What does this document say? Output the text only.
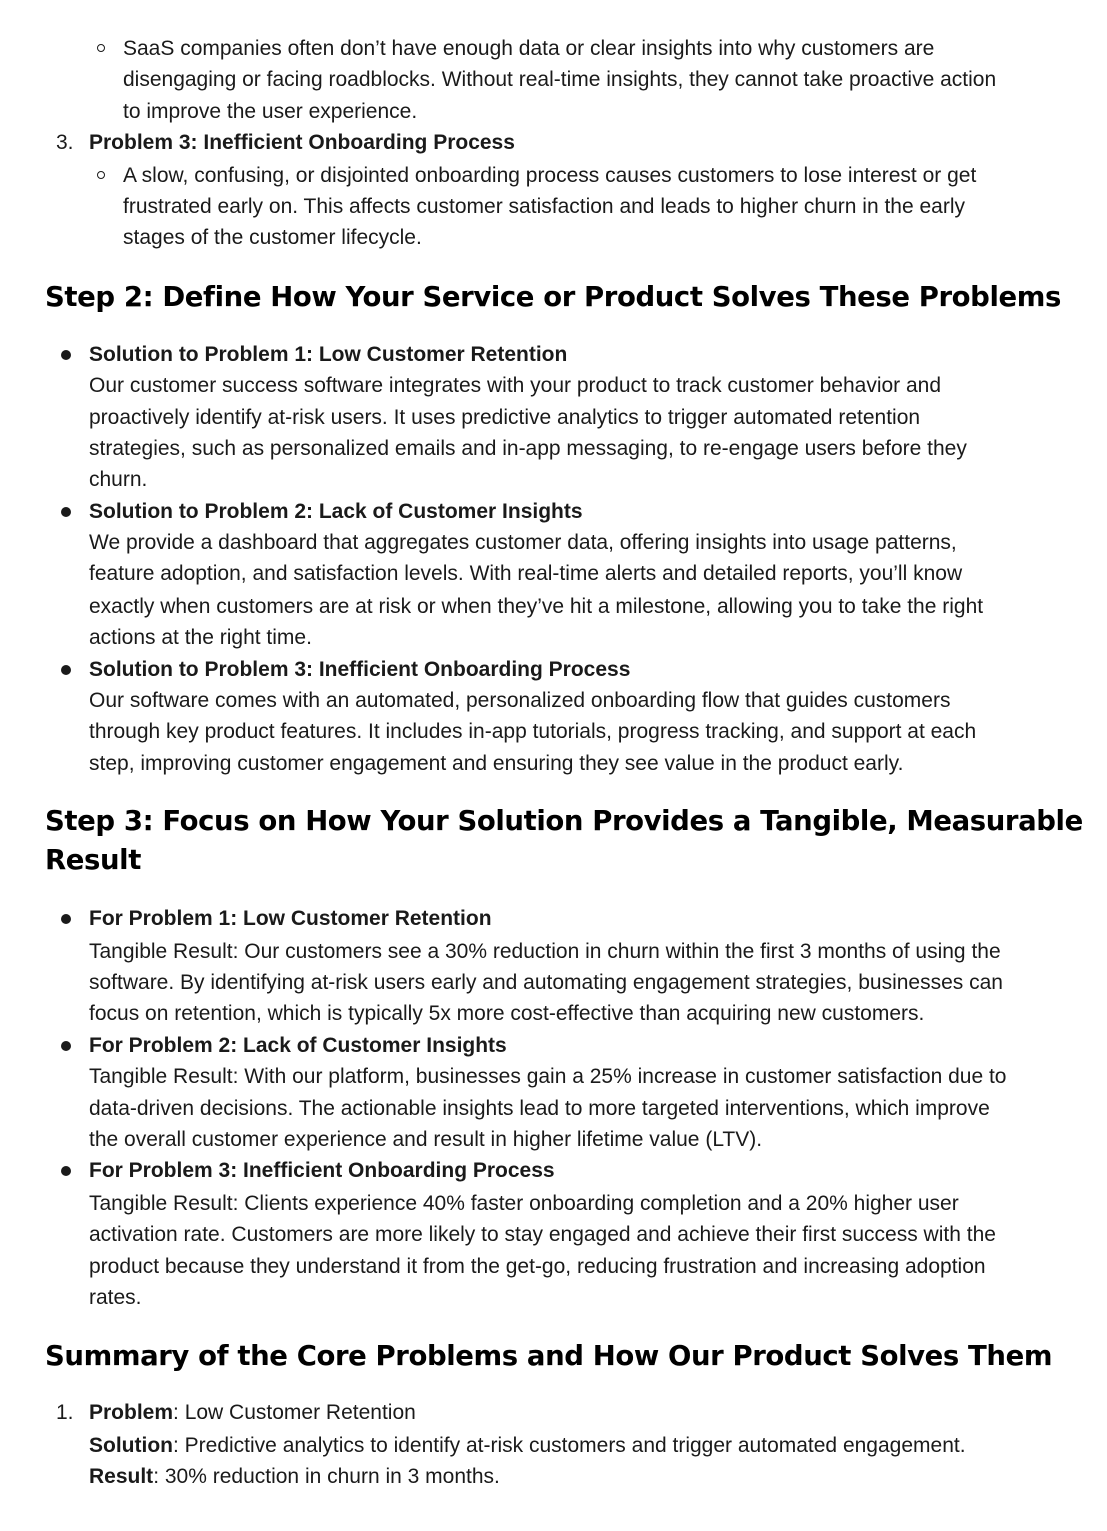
SaaS companies often don’t have enough data or clear insights into why customers are
disengaging or facing roadblocks. Without real-time insights, they cannot take proactive action
to improve the user experience.
3. Problem 3: Inefficient Onboarding Process
A slow, confusing, or disjointed onboarding process causes customers to lose interest or get
frustrated early on. This affects customer satisfaction and leads to higher churn in the early
stages of the customer lifecycle.
Step 2: Define How Your Service or Product Solves These Problems
Solution to Problem 1: Low Customer Retention
Our customer success software integrates with your product to track customer behavior and
proactively identify at-risk users. It uses predictive analytics to trigger automated retention
strategies, such as personalized emails and in-app messaging, to re-engage users before they
churn.
Solution to Problem 2: Lack of Customer Insights
We provide a dashboard that aggregates customer data, offering insights into usage patterns,
feature adoption, and satisfaction levels. With real-time alerts and detailed reports, you’ll know
exactly when customers are at risk or when they’ve hit a milestone, allowing you to take the right
actions at the right time.
Solution to Problem 3: Inefficient Onboarding Process
Our software comes with an automated, personalized onboarding flow that guides customers
through key product features. It includes in-app tutorials, progress tracking, and support at each
step, improving customer engagement and ensuring they see value in the product early.
Step 3: Focus on How Your Solution Provides a Tangible, Measurable
Result
For Problem 1: Low Customer Retention
Tangible Result: Our customers see a 30% reduction in churn within the first 3 months of using the
software. By identifying at-risk users early and automating engagement strategies, businesses can
focus on retention, which is typically 5x more cost-effective than acquiring new customers.
For Problem 2: Lack of Customer Insights
Tangible Result: With our platform, businesses gain a 25% increase in customer satisfaction due to
data-driven decisions. The actionable insights lead to more targeted interventions, which improve
the overall customer experience and result in higher lifetime value (LTV).
For Problem 3: Inefficient Onboarding Process
Tangible Result: Clients experience 40% faster onboarding completion and a 20% higher user
activation rate. Customers are more likely to stay engaged and achieve their first success with the
product because they understand it from the get-go, reducing frustration and increasing adoption
rates.
Summary of the Core Problems and How Our Product Solves Them
1. Problem: Low Customer Retention
Solution: Predictive analytics to identify at-risk customers and trigger automated engagement.
Result: 30% reduction in churn in 3 months.
